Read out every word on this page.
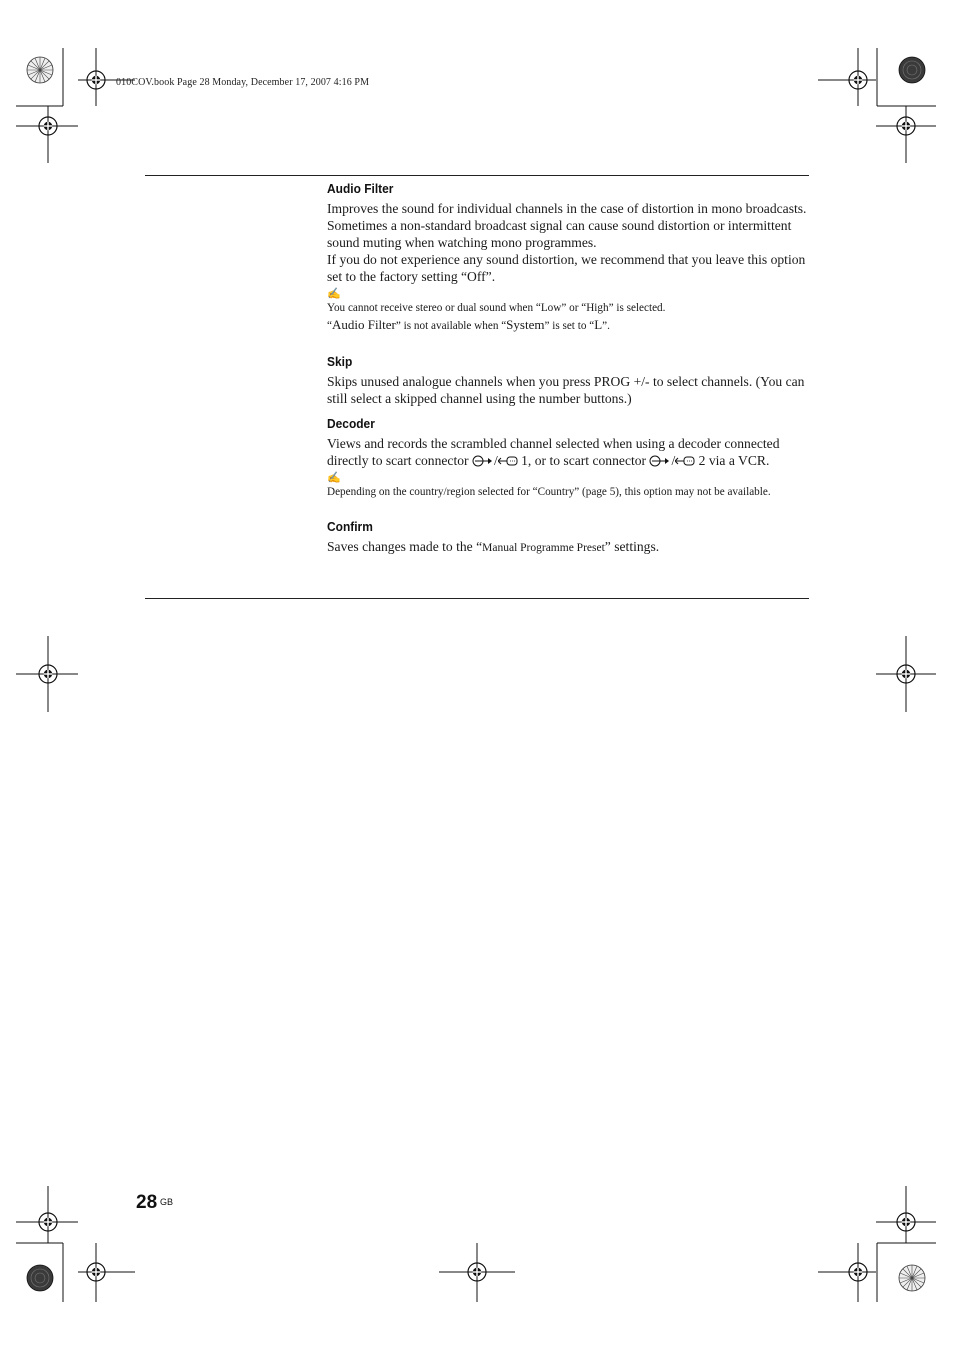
010COV.book Page 28 Monday, December 17, 2007 4:16 PM
Audio Filter

Improves the sound for individual channels in the case of distortion in mono broadcasts. Sometimes a non-standard broadcast signal can cause sound distortion or intermittent sound muting when watching mono programmes.

If you do not experience any sound distortion, we recommend that you leave this option set to the factory setting “Off”.

✍

You cannot receive stereo or dual sound when “Low” or “High” is selected.

“Audio Filter” is not available when “System” is set to “L”.

Skip

Skips unused analogue channels when you press PROG +/- to select channels. (You can still select a skipped channel using the number buttons.)

Decoder

Views and records the scrambled channel selected when using a decoder connected directly to scart connector / 1, or to scart connector / 2 via a VCR.

✍

Depending on the country/region selected for “Country” (page 5), this option may not be available.

Confirm

Saves changes made to the “Manual Programme Preset” settings.

28 GB
